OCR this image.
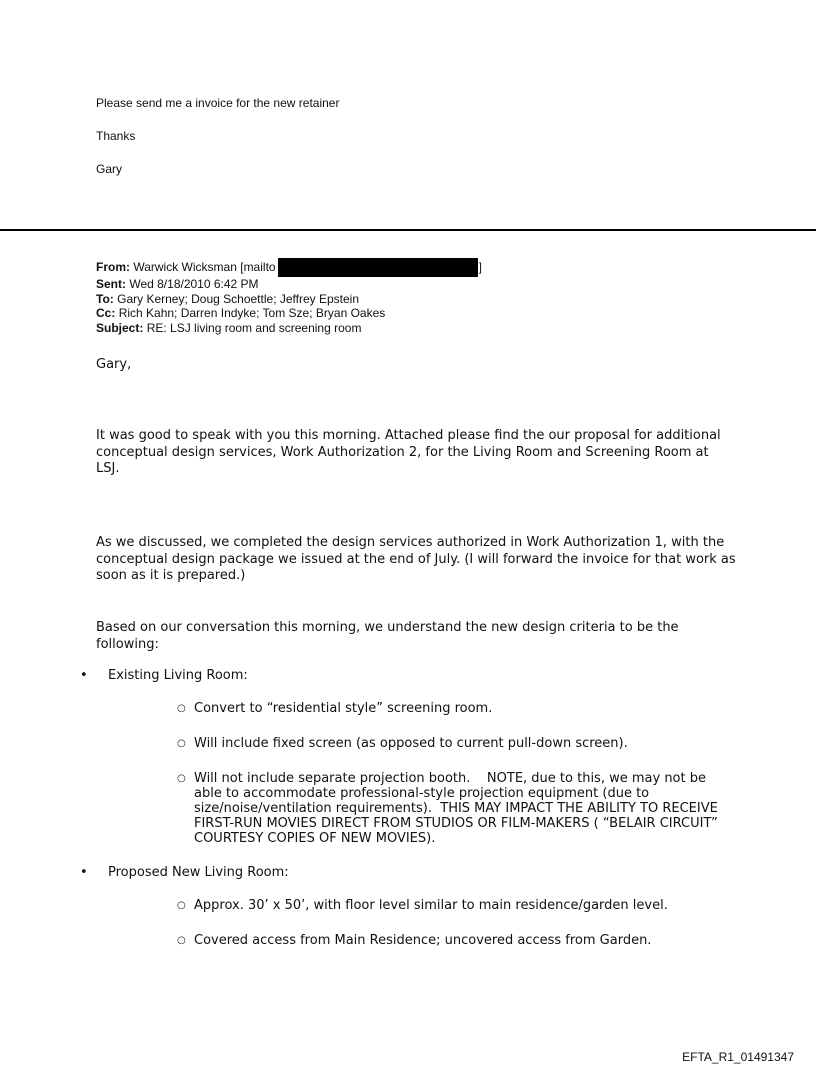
Please send me a invoice for the new retainer

Thanks

Gary

From: Warwick Wicksman [mailto	]
Sent: Wed 8/18/2010 6:42 PM
To: Gary Kerney; Doug Schoettle; Jeffrey Epstein
Cc: Rich Kahn; Darren Indyke; Tom Sze; Bryan Oakes
Subject: RE: LSJ living room and screening room

Gary,

It was good to speak with you this morning. Attached please find the our proposal for additional conceptual design services, Work Authorization 2, for the Living Room and Screening Room at LSJ.

As we discussed, we completed the design services authorized in Work Authorization 1, with the conceptual design package we issued at the end of July. (I will forward the invoice for that work as soon as it is prepared.)

Based on our conversation this morning, we understand the new design criteria to be the following:

• Existing Living Room:
○ Convert to “residential style” screening room.
○ Will include fixed screen (as opposed to current pull-down screen).
○ Will not include separate projection booth.    NOTE, due to this, we may not be able to accommodate professional-style projection equipment (due to size/noise/ventilation requirements).  THIS MAY IMPACT THE ABILITY TO RECEIVE FIRST-RUN MOVIES DIRECT FROM STUDIOS OR FILM-MAKERS ( “BELAIR CIRCUIT” COURTESY COPIES OF NEW MOVIES).
• Proposed New Living Room:
○ Approx. 30’ x 50’, with floor level similar to main residence/garden level.
○ Covered access from Main Residence; uncovered access from Garden.
EFTA_R1_01491347
